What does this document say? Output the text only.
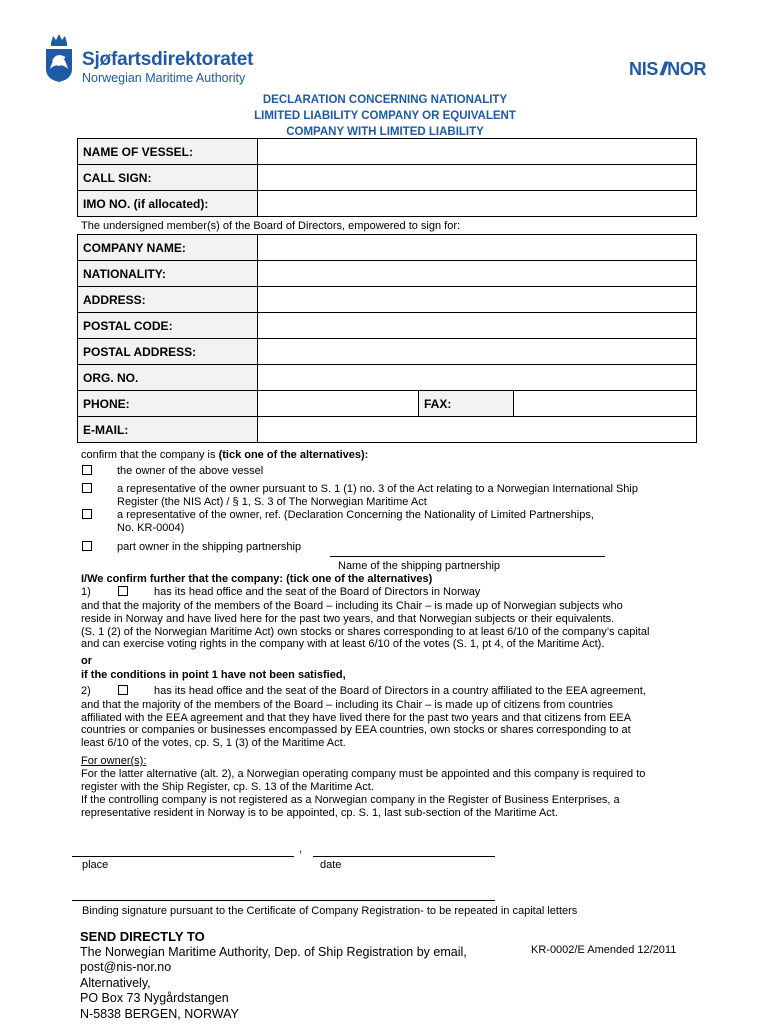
Sjøfartsdirektoratet
Norwegian Maritime Authority	NIS // NOR
DECLARATION CONCERNING NATIONALITY
LIMITED LIABILITY COMPANY OR EQUIVALENT
COMPANY WITH LIMITED LIABILITY
NAME OF VESSEL:	
CALL SIGN:	
IMO NO. (if allocated):	
The undersigned member(s) of the Board of Directors, empowered to sign for:
COMPANY NAME:			
NATIONALITY:			
ADDRESS:			
POSTAL CODE:			
POSTAL ADDRESS:			
ORG. NO.			
PHONE:		FAX:	
E-MAIL:			
confirm that the company is (tick one of the alternatives):
the owner of the above vessel
a representative of the owner pursuant to S. 1 (1) no. 3 of the Act relating to a Norwegian International Ship
Register (the NIS Act) / § 1, S. 3 of The Norwegian Maritime Act
a representative of the owner, ref. (Declaration Concerning the Nationality of Limited Partnerships,
No. KR-0004)
part owner in the shipping partnership
Name of the shipping partnership
I/We confirm further that the company: (tick one of the alternatives)
1)	has its head office and the seat of the Board of Directors in Norway
and that the majority of the members of the Board – including its Chair – is made up of Norwegian subjects who
reside in Norway and have lived here for the past two years, and that Norwegian subjects or their equivalents.
(S. 1 (2) of the Norwegian Maritime Act) own stocks or shares corresponding to at least 6/10 of the company’s capital
and can exercise voting rights in the company with at least 6/10 of the votes (S. 1, pt 4, of the Maritime Act).
or
if the conditions in point 1 have not been satisfied,
2)	has its head office and the seat of the Board of Directors in a country affiliated to the EEA agreement,
and that the majority of the members of the Board – including its Chair – is made up of citizens from countries
affiliated with the EEA agreement and that they have lived there for the past two years and that citizens from EEA
countries or companies or businesses encompassed by EEA countries, own stocks or shares corresponding to at
least 6/10 of the votes, cp. S, 1 (3) of the Maritime Act.
For owner(s):
For the latter alternative (alt. 2), a Norwegian operating company must be appointed and this company is required to
register with the Ship Register, cp. S. 13 of the Maritime Act.
If the controlling company is not registered as a Norwegian company in the Register of Business Enterprises, a
representative resident in Norway is to be appointed, cp. S. 1, last sub-section of the Maritime Act.
,
place	date
Binding signature pursuant to the Certificate of Company Registration- to be repeated in capital letters
SEND DIRECTLY TO
The Norwegian Maritime Authority, Dep. of Ship Registration by email,
post@nis-nor.no
Alternatively,
PO Box 73 Nygårdstangen
N-5838 BERGEN, NORWAY
KR-0002/E Amended 12/2011
